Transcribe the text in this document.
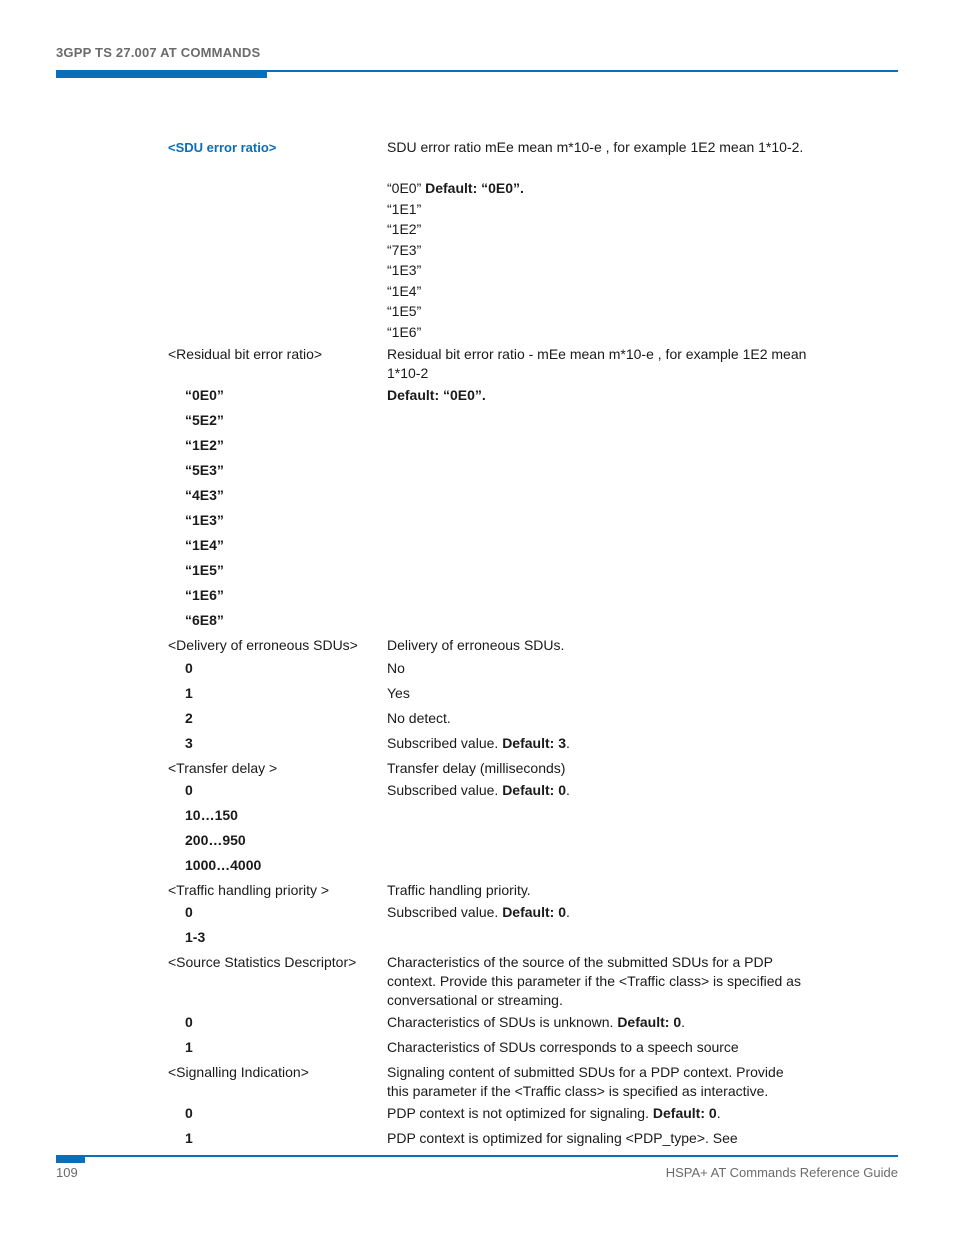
3GPP TS 27.007 AT COMMANDS
<SDU error ratio>	SDU error ratio mEe mean m*10-e , for example 1E2 mean 1*10-2.
“0E0” Default: “0E0”.
“1E1”
“1E2”
“7E3”
“1E3”
“1E4”
“1E5”
“1E6”
<Residual bit error ratio>	Residual bit error ratio - mEe mean m*10-e , for example 1E2 mean 1*10-2
“0E0”	Default: “0E0”.
“5E2”
“1E2”
“5E3”
“4E3”
“1E3”
“1E4”
“1E5”
“1E6”
“6E8”
<Delivery of erroneous SDUs>	Delivery of erroneous SDUs.
0	No
1	Yes
2	No detect.
3	Subscribed value. Default: 3.
<Transfer delay >	Transfer delay (milliseconds)
0	Subscribed value. Default: 0.
10…150
200…950
1000…4000
<Traffic handling priority >	Traffic handling priority.
0	Subscribed value. Default: 0.
1-3
<Source Statistics Descriptor>	Characteristics of the source of the submitted SDUs for a PDP context. Provide this parameter if the <Traffic class> is specified as conversational or streaming.
0	Characteristics of SDUs is unknown. Default: 0.
1	Characteristics of SDUs corresponds to a speech source
<Signalling Indication>	Signaling content of submitted SDUs for a PDP context. Provide this parameter if the <Traffic class> is specified as interactive.
0	PDP context is not optimized for signaling. Default: 0.
1	PDP context is optimized for signaling <PDP_type>. See
109	HSPA+ AT Commands Reference Guide
